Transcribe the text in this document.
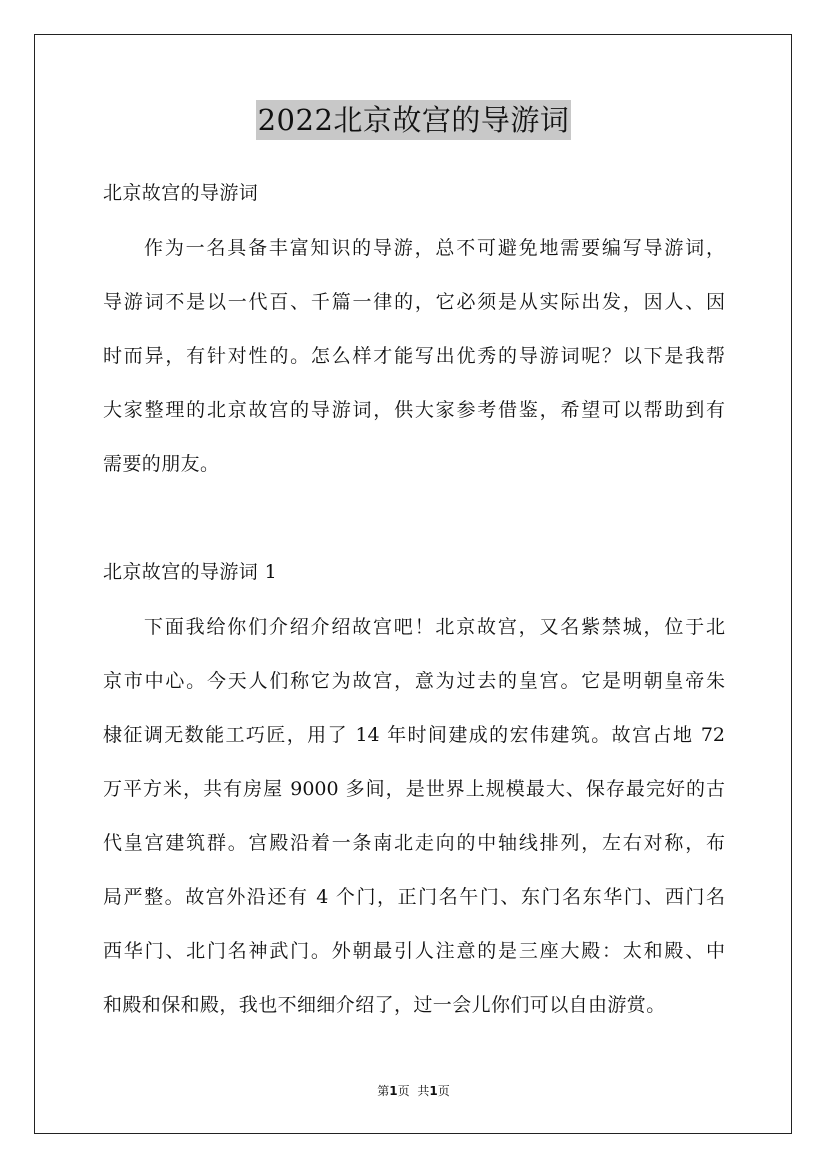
2022北京故宫的导游词
北京故宫的导游词
作为一名具备丰富知识的导游，总不可避免地需要编写导游词，
导游词不是以一代百、千篇一律的，它必须是从实际出发，因人、因
时而异，有针对性的。怎么样才能写出优秀的导游词呢？以下是我帮
大家整理的北京故宫的导游词，供大家参考借鉴，希望可以帮助到有
需要的朋友。
北京故宫的导游词 1
下面我给你们介绍介绍故宫吧！北京故宫，又名紫禁城，位于北
京市中心。今天人们称它为故宫，意为过去的皇宫。它是明朝皇帝朱
棣征调无数能工巧匠，用了 14 年时间建成的宏伟建筑。故宫占地 72
万平方米，共有房屋 9000 多间，是世界上规模最大、保存最完好的古
代皇宫建筑群。宫殿沿着一条南北走向的中轴线排列，左右对称，布
局严整。故宫外沿还有 4 个门，正门名午门、东门名东华门、西门名
西华门、北门名神武门。外朝最引人注意的是三座大殿：太和殿、中
和殿和保和殿，我也不细细介绍了，过一会儿你们可以自由游赏。
第1页 共1页
